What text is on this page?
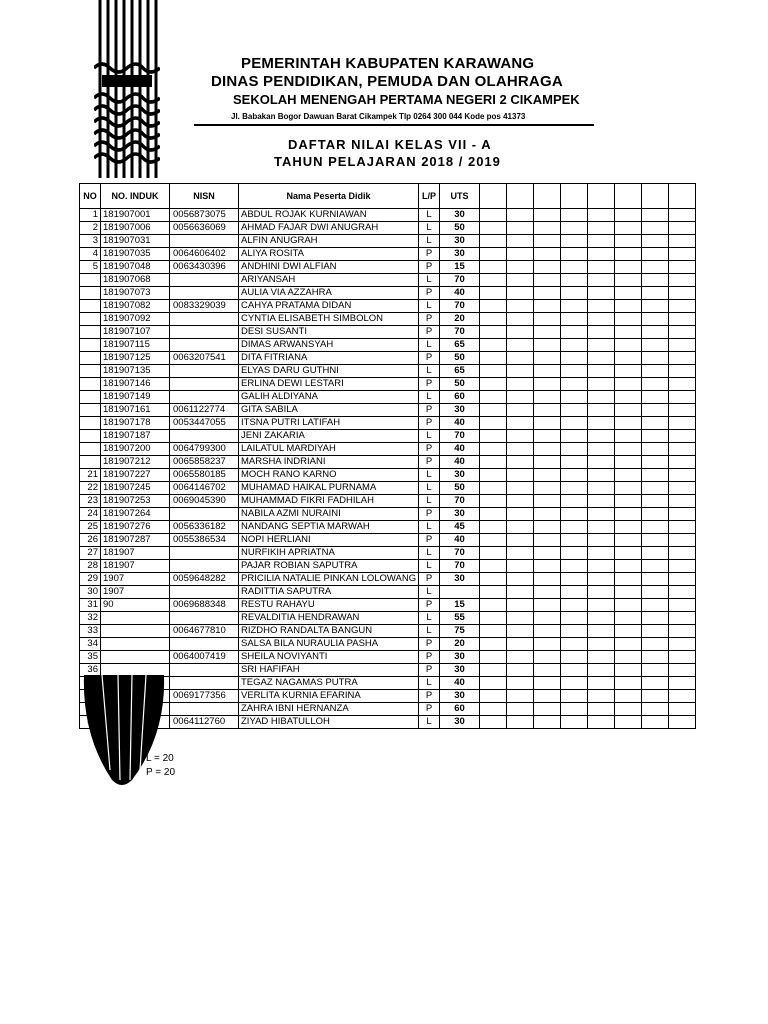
PEMERINTAH KABUPATEN KARAWANG
DINAS PENDIDIKAN, PEMUDA DAN OLAHRAGA
SEKOLAH MENENGAH PERTAMA NEGERI 2 CIKAMPEK
Jl. Babakan Bogor Dawuan Barat Cikampek Tlp 0264 300 044 Kode pos 41373
DAFTAR NILAI KELAS VII - A
TAHUN PELAJARAN 2018 / 2019
NO	NO. INDUK	NISN	Nama Peserta Didik	L/P	UTS								
1	181907001	0056873075	ABDUL ROJAK KURNIAWAN	L	30								
2	181907006	0056636069	AHMAD FAJAR DWI ANUGRAH	L	50								
3	181907031		ALFIN ANUGRAH	L	30								
4	181907035	0064606402	ALIYA ROSITA	P	30								
5	181907048	0063430396	ANDHINI DWI ALFIAN	P	15								
	181907068		ARIYANSAH	L	70								
	181907073		AULIA VIA AZZAHRA	P	40								
	181907082	0083329039	CAHYA PRATAMA DIDAN	L	70								
	181907092		CYNTIA ELISABETH SIMBOLON	P	20								
	181907107		DESI SUSANTI	P	70								
	181907115		DIMAS ARWANSYAH	L	65								
	181907125	0063207541	DITA FITRIANA	P	50								
	181907135		ELYAS DARU GUTHNI	L	65								
	181907146		ERLINA DEWI LESTARI	P	50								
	181907149		GALIH ALDIYANA	L	60								
	181907161	0061122774	GITA SABILA	P	30								
	181907178	0053447055	ITSNA PUTRI LATIFAH	P	40								
	181907187		JENI ZAKARIA	L	70								
	181907200	0064799300	LAILATUL MARDIYAH	P	40								
	181907212	0065858237	MARSHA INDRIANI	P	40								
21	181907227	0065580185	MOCH RANO KARNO	L	30								
22	181907245	0064146702	MUHAMAD HAIKAL PURNAMA	L	50								
23	181907253	0069045390	MUHAMMAD FIKRI FADHILAH	L	70								
24	181907264		NABILA AZMI NURAINI	P	30								
25	181907276	0056336182	NANDANG SEPTIA MARWAH	L	45								
26	181907287	0055386534	NOPI HERLIANI	P	40								
27	181907		NURFIKIH APRIATNA	L	70								
28	181907		PAJAR ROBIAN SAPUTRA	L	70								
29	1907	0059648282	PRICILIA NATALIE PINKAN LOLOWANG	P	30								
30	1907		RADITTIA SAPUTRA	L									
31	90	0069688348	RESTU RAHAYU	P	15								
32			REVALDITIA HENDRAWAN	L	55								
33		0064677810	RIZDHO RANDALTA BANGUN	L	75								
34			SALSA BILA NURAULIA PASHA	P	20								
35		0064007419	SHEILA NOVIYANTI	P	30								
36			SRI HAFIFAH	P	30								
			TEGAZ NAGAMAS PUTRA	L	40								
		0069177356	VERLITA KURNIA EFARINA	P	30								
			ZAHRA IBNI HERNANZA	P	60								
		0064112760	ZIYAD HIBATULLOH	L	30								
L = 20
P = 20
